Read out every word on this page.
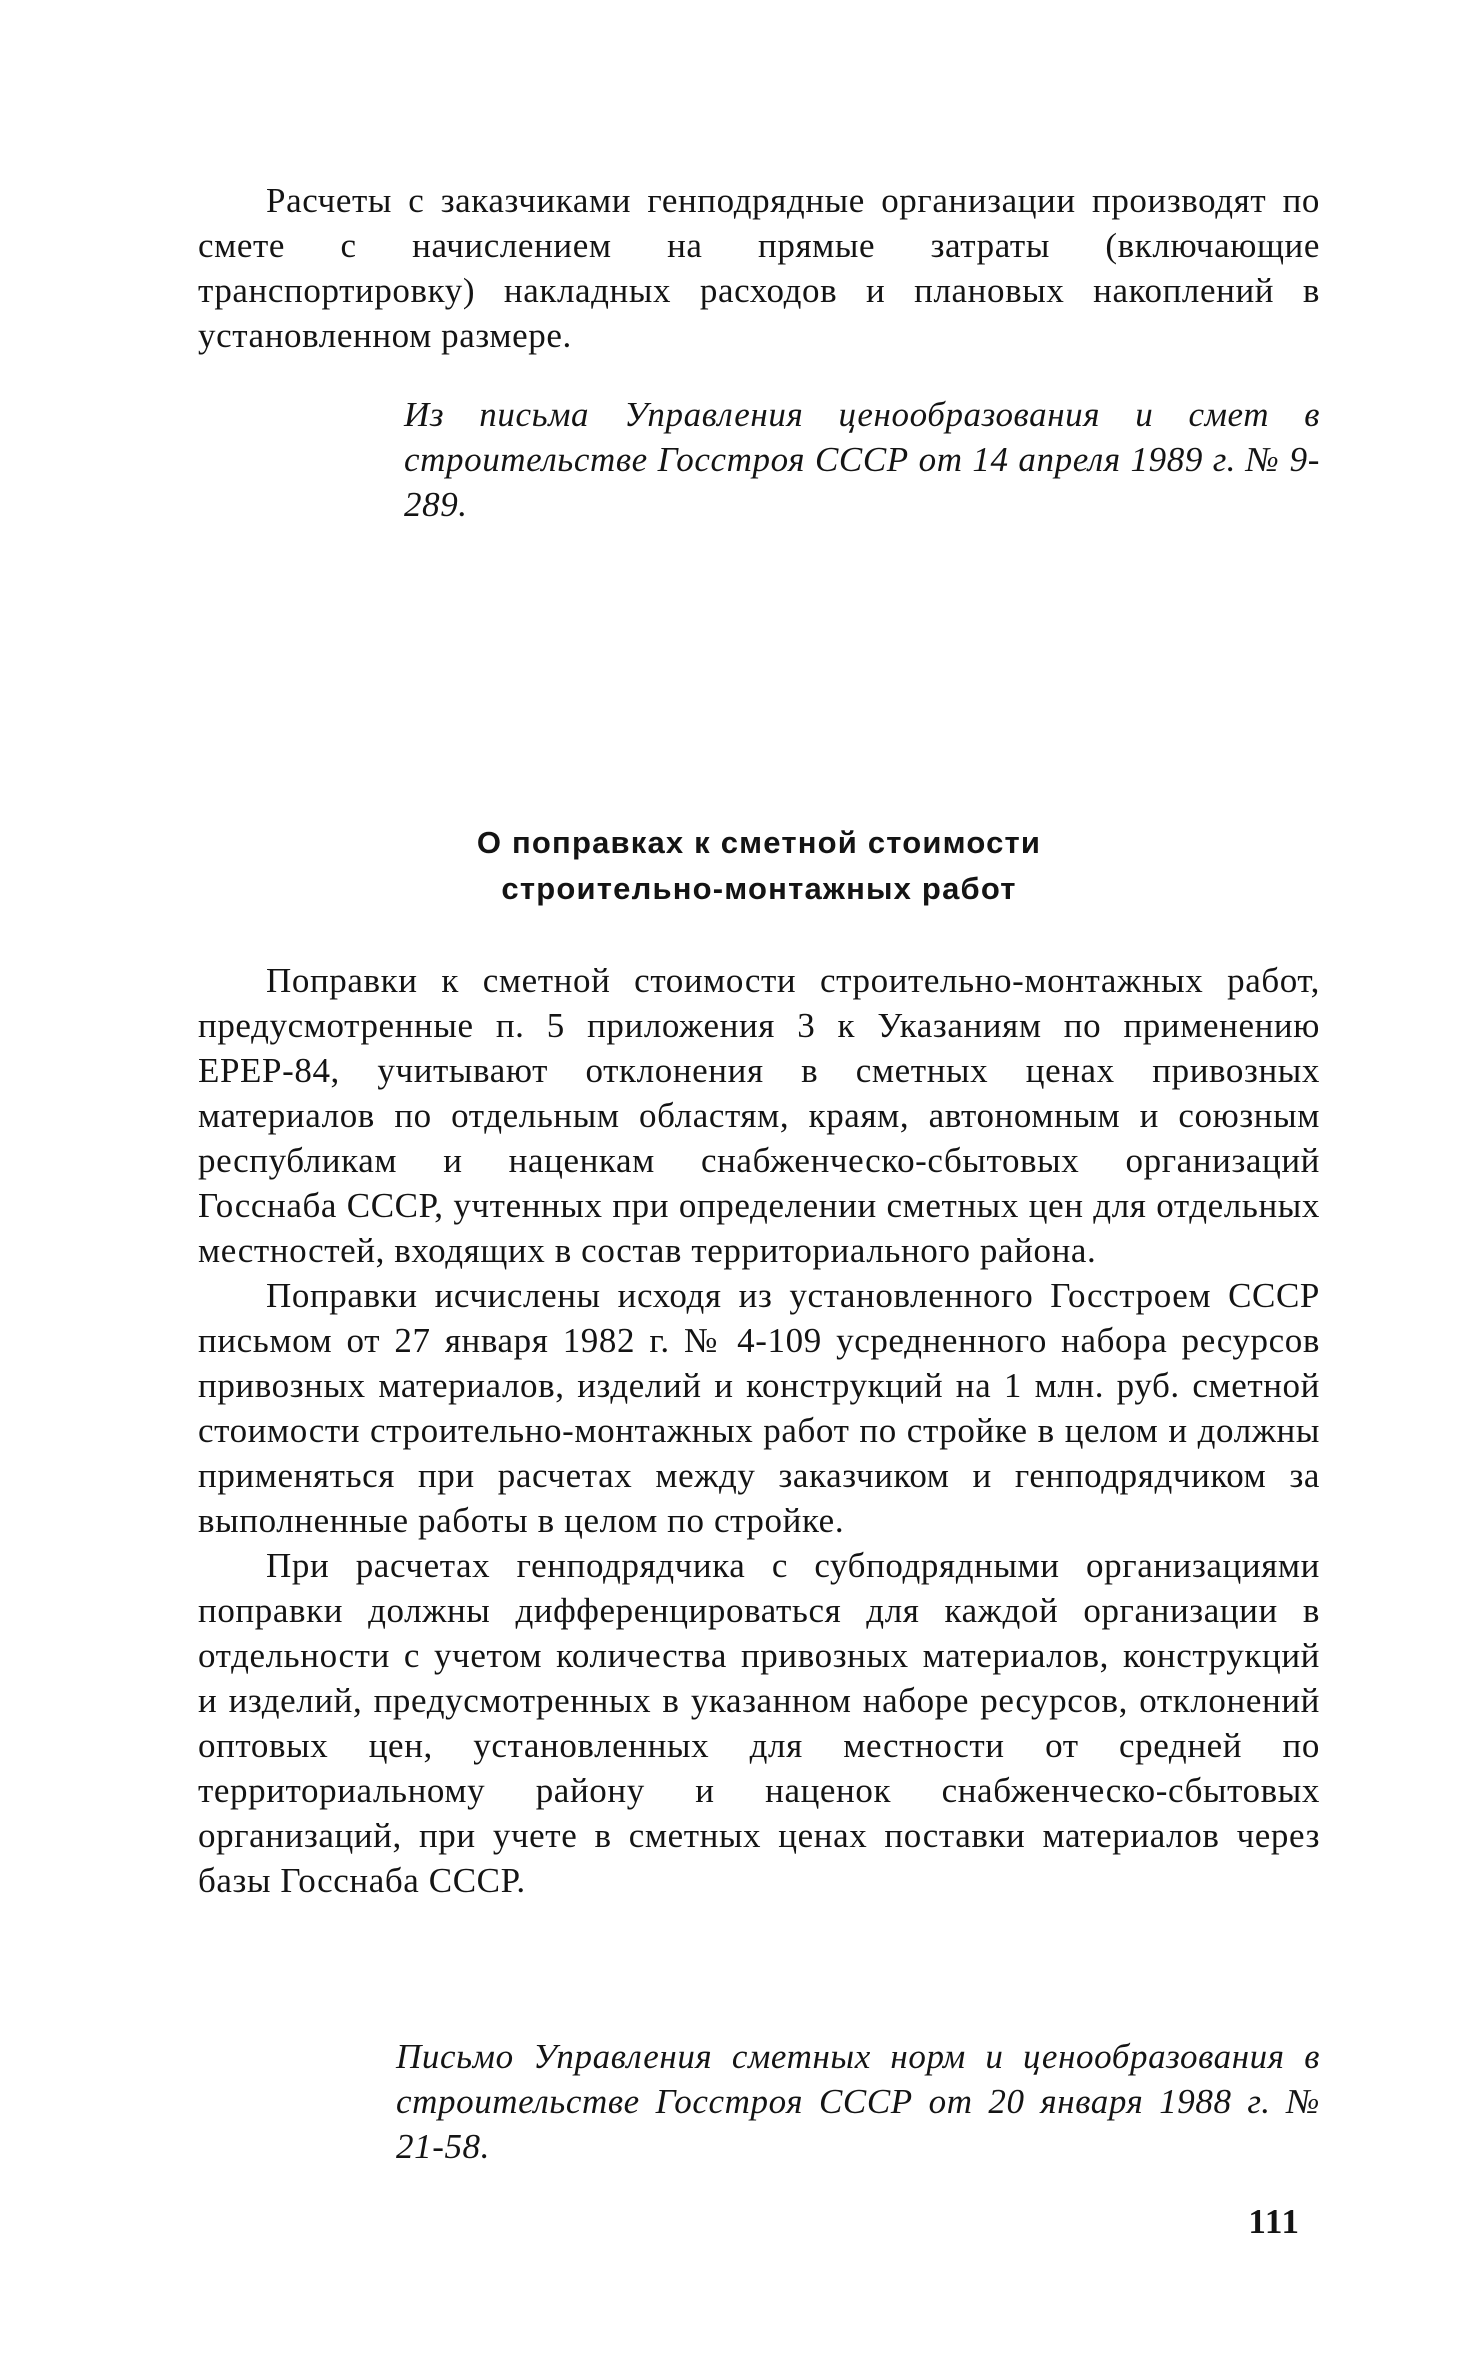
Расчеты с заказчиками генподрядные организации производят по смете с начислением на прямые затраты (включающие транспортировку) накладных расходов и плановых накоплений в установленном размере.

Из письма Управления ценообразования и смет в строительстве Госстроя СССР от 14 апреля 1989 г. № 9-289.

О поправках к сметной стоимости
строительно-монтажных работ

Поправки к сметной стоимости строительно-монтажных работ, предусмотренные п. 5 приложения 3 к Указаниям по применению ЕРЕР-84, учитывают отклонения в сметных ценах привозных материалов по отдельным областям, краям, автономным и союзным республикам и наценкам снабженческо-сбытовых организаций Госснаба СССР, учтенных при определении сметных цен для отдельных местностей, входящих в состав территориального района.

Поправки исчислены исходя из установленного Госстроем СССР письмом от 27 января 1982 г. № 4-109 усредненного набора ресурсов привозных материалов, изделий и конструкций на 1 млн. руб. сметной стоимости строительно-монтажных работ по стройке в целом и должны применяться при расчетах между заказчиком и генподрядчиком за выполненные работы в целом по стройке.

При расчетах генподрядчика с субподрядными организациями поправки должны дифференцироваться для каждой организации в отдельности с учетом количества привозных материалов, конструкций и изделий, предусмотренных в указанном наборе ресурсов, отклонений оптовых цен, установленных для местности от средней по территориальному району и наценок снабженческо-сбытовых организаций, при учете в сметных ценах поставки материалов через базы Госснаба СССР.

Письмо Управления сметных норм и ценообразования в строительстве Госстроя СССР от 20 января 1988 г. № 21-58.

111
